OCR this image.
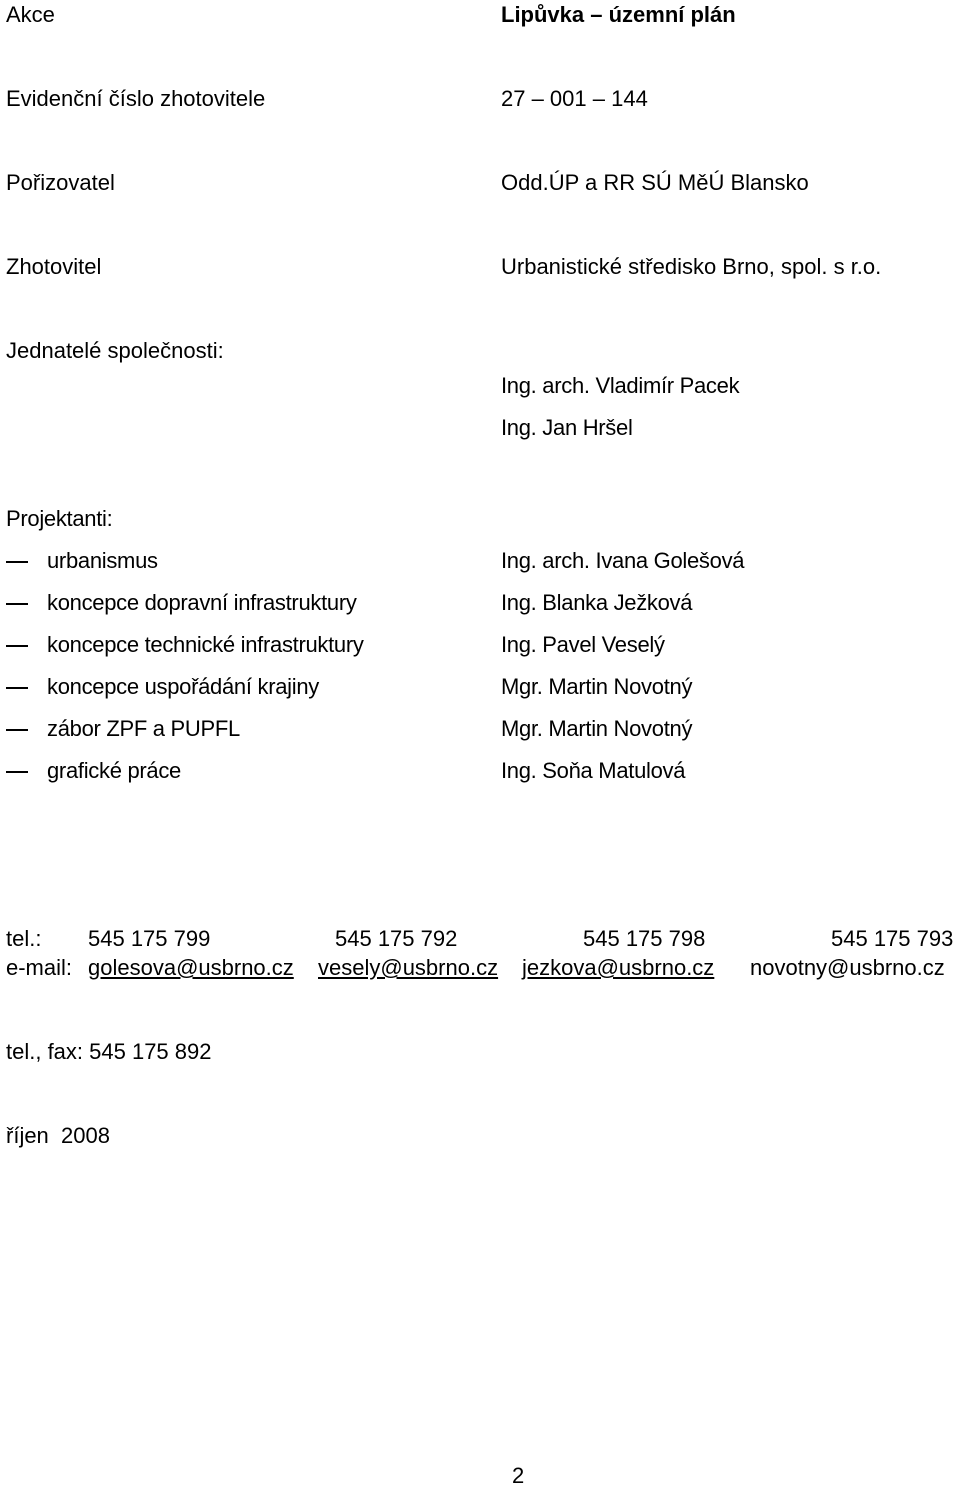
Akce	Lipůvka – územní plán
Evidenční číslo zhotovitele	27 – 001 – 144
Pořizovatel	Odd.ÚP a RR SÚ MěÚ Blansko
Zhotovitel	Urbanistické středisko Brno, spol. s r.o.
Jednatelé společnosti:
Ing. arch. Vladimír Pacek
Ing. Jan Hršel
Projektanti:
urbanismus	Ing. arch. Ivana Golešová
koncepce dopravní infrastruktury	Ing. Blanka Ježková
koncepce technické infrastruktury	Ing. Pavel Veselý
koncepce uspořádání krajiny	Mgr. Martin Novotný
zábor ZPF a PUPFL	Mgr. Martin Novotný
grafické práce	Ing. Soňa Matulová
tel.: 545 175 799	545 175 792	545 175 798	545 175 793
e-mail: golesova@usbrno.cz vesely@usbrno.cz jezkova@usbrno.cz novotny@usbrno.cz
tel., fax: 545 175 892
říjen  2008
2
